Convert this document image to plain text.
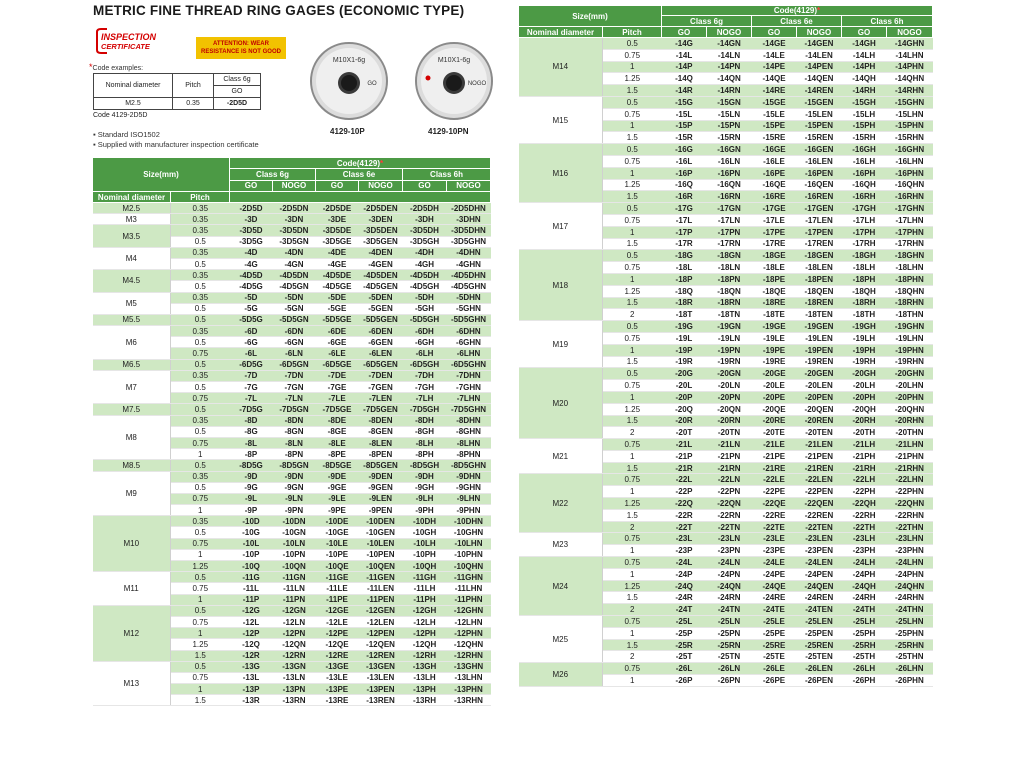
METRIC FINE THREAD RING GAGES (ECONOMIC TYPE)
INSPECTION
CERTIFICATE	ATTENTION: WEAR RESISTANCE IS NOT GOOD
*Code examples:
Nominal diameter	Pitch	Class 6g
		GO
M2.5	0.35	-2D5D
Code 4129-2D5D
▪ Standard ISO1502
▪ Supplied with manufacturer inspection certificate
M10X1-6g
GO
4129-10P
M10X1-6g
NOGO
4129-10PN
Size(mm)		Code(4129)*					
		Class 6g		Class 6e		Class 6h	
		GO	NOGO	GO	NOGO	GO	NOGO
Nominal diameter	Pitch						
M2.5	0.35	-2D5D	-2D5DN	-2D5DE	-2D5DEN	-2D5DH	-2D5DHN
M3	0.35	-3D	-3DN	-3DE	-3DEN	-3DH	-3DHN
M3.5	0.35	-3D5D	-3D5DN	-3D5DE	-3D5DEN	-3D5DH	-3D5DHN
	0.5	-3D5G	-3D5GN	-3D5GE	-3D5GEN	-3D5GH	-3D5GHN
M4	0.35	-4D	-4DN	-4DE	-4DEN	-4DH	-4DHN
	0.5	-4G	-4GN	-4GE	-4GEN	-4GH	-4GHN
M4.5	0.35	-4D5D	-4D5DN	-4D5DE	-4D5DEN	-4D5DH	-4D5DHN
	0.5	-4D5G	-4D5GN	-4D5GE	-4D5GEN	-4D5GH	-4D5GHN
M5	0.35	-5D	-5DN	-5DE	-5DEN	-5DH	-5DHN
	0.5	-5G	-5GN	-5GE	-5GEN	-5GH	-5GHN
M5.5	0.5	-5D5G	-5D5GN	-5D5GE	-5D5GEN	-5D5GH	-5D5GHN
M6	0.35	-6D	-6DN	-6DE	-6DEN	-6DH	-6DHN
	0.5	-6G	-6GN	-6GE	-6GEN	-6GH	-6GHN
	0.75	-6L	-6LN	-6LE	-6LEN	-6LH	-6LHN
M6.5	0.5	-6D5G	-6D5GN	-6D5GE	-6D5GEN	-6D5GH	-6D5GHN
M7	0.35	-7D	-7DN	-7DE	-7DEN	-7DH	-7DHN
	0.5	-7G	-7GN	-7GE	-7GEN	-7GH	-7GHN
	0.75	-7L	-7LN	-7LE	-7LEN	-7LH	-7LHN
M7.5	0.5	-7D5G	-7D5GN	-7D5GE	-7D5GEN	-7D5GH	-7D5GHN
M8	0.35	-8D	-8DN	-8DE	-8DEN	-8DH	-8DHN
	0.5	-8G	-8GN	-8GE	-8GEN	-8GH	-8GHN
	0.75	-8L	-8LN	-8LE	-8LEN	-8LH	-8LHN
	1	-8P	-8PN	-8PE	-8PEN	-8PH	-8PHN
M8.5	0.5	-8D5G	-8D5GN	-8D5GE	-8D5GEN	-8D5GH	-8D5GHN
M9	0.35	-9D	-9DN	-9DE	-9DEN	-9DH	-9DHN
	0.5	-9G	-9GN	-9GE	-9GEN	-9GH	-9GHN
	0.75	-9L	-9LN	-9LE	-9LEN	-9LH	-9LHN
	1	-9P	-9PN	-9PE	-9PEN	-9PH	-9PHN
M10	0.35	-10D	-10DN	-10DE	-10DEN	-10DH	-10DHN
	0.5	-10G	-10GN	-10GE	-10GEN	-10GH	-10GHN
	0.75	-10L	-10LN	-10LE	-10LEN	-10LH	-10LHN
	1	-10P	-10PN	-10PE	-10PEN	-10PH	-10PHN
	1.25	-10Q	-10QN	-10QE	-10QEN	-10QH	-10QHN
M11	0.5	-11G	-11GN	-11GE	-11GEN	-11GH	-11GHN
	0.75	-11L	-11LN	-11LE	-11LEN	-11LH	-11LHN
	1	-11P	-11PN	-11PE	-11PEN	-11PH	-11PHN
M12	0.5	-12G	-12GN	-12GE	-12GEN	-12GH	-12GHN
	0.75	-12L	-12LN	-12LE	-12LEN	-12LH	-12LHN
	1	-12P	-12PN	-12PE	-12PEN	-12PH	-12PHN
	1.25	-12Q	-12QN	-12QE	-12QEN	-12QH	-12QHN
	1.5	-12R	-12RN	-12RE	-12REN	-12RH	-12RHN
M13	0.5	-13G	-13GN	-13GE	-13GEN	-13GH	-13GHN
	0.75	-13L	-13LN	-13LE	-13LEN	-13LH	-13LHN
	1	-13P	-13PN	-13PE	-13PEN	-13PH	-13PHN
	1.5	-13R	-13RN	-13RE	-13REN	-13RH	-13RHN
Size(mm)		Code(4129)*					
		Class 6g		Class 6e		Class 6h	
Nominal diameter	Pitch	GO	NOGO	GO	NOGO	GO	NOGO
M14	0.5	-14G	-14GN	-14GE	-14GEN	-14GH	-14GHN
	0.75	-14L	-14LN	-14LE	-14LEN	-14LH	-14LHN
	1	-14P	-14PN	-14PE	-14PEN	-14PH	-14PHN
	1.25	-14Q	-14QN	-14QE	-14QEN	-14QH	-14QHN
	1.5	-14R	-14RN	-14RE	-14REN	-14RH	-14RHN
M15	0.5	-15G	-15GN	-15GE	-15GEN	-15GH	-15GHN
	0.75	-15L	-15LN	-15LE	-15LEN	-15LH	-15LHN
	1	-15P	-15PN	-15PE	-15PEN	-15PH	-15PHN
	1.5	-15R	-15RN	-15RE	-15REN	-15RH	-15RHN
M16	0.5	-16G	-16GN	-16GE	-16GEN	-16GH	-16GHN
	0.75	-16L	-16LN	-16LE	-16LEN	-16LH	-16LHN
	1	-16P	-16PN	-16PE	-16PEN	-16PH	-16PHN
	1.25	-16Q	-16QN	-16QE	-16QEN	-16QH	-16QHN
	1.5	-16R	-16RN	-16RE	-16REN	-16RH	-16RHN
M17	0.5	-17G	-17GN	-17GE	-17GEN	-17GH	-17GHN
	0.75	-17L	-17LN	-17LE	-17LEN	-17LH	-17LHN
	1	-17P	-17PN	-17PE	-17PEN	-17PH	-17PHN
	1.5	-17R	-17RN	-17RE	-17REN	-17RH	-17RHN
M18	0.5	-18G	-18GN	-18GE	-18GEN	-18GH	-18GHN
	0.75	-18L	-18LN	-18LE	-18LEN	-18LH	-18LHN
	1	-18P	-18PN	-18PE	-18PEN	-18PH	-18PHN
	1.25	-18Q	-18QN	-18QE	-18QEN	-18QH	-18QHN
	1.5	-18R	-18RN	-18RE	-18REN	-18RH	-18RHN
	2	-18T	-18TN	-18TE	-18TEN	-18TH	-18THN
M19	0.5	-19G	-19GN	-19GE	-19GEN	-19GH	-19GHN
	0.75	-19L	-19LN	-19LE	-19LEN	-19LH	-19LHN
	1	-19P	-19PN	-19PE	-19PEN	-19PH	-19PHN
	1.5	-19R	-19RN	-19RE	-19REN	-19RH	-19RHN
M20	0.5	-20G	-20GN	-20GE	-20GEN	-20GH	-20GHN
	0.75	-20L	-20LN	-20LE	-20LEN	-20LH	-20LHN
	1	-20P	-20PN	-20PE	-20PEN	-20PH	-20PHN
	1.25	-20Q	-20QN	-20QE	-20QEN	-20QH	-20QHN
	1.5	-20R	-20RN	-20RE	-20REN	-20RH	-20RHN
	2	-20T	-20TN	-20TE	-20TEN	-20TH	-20THN
M21	0.75	-21L	-21LN	-21LE	-21LEN	-21LH	-21LHN
	1	-21P	-21PN	-21PE	-21PEN	-21PH	-21PHN
	1.5	-21R	-21RN	-21RE	-21REN	-21RH	-21RHN
M22	0.75	-22L	-22LN	-22LE	-22LEN	-22LH	-22LHN
	1	-22P	-22PN	-22PE	-22PEN	-22PH	-22PHN
	1.25	-22Q	-22QN	-22QE	-22QEN	-22QH	-22QHN
	1.5	-22R	-22RN	-22RE	-22REN	-22RH	-22RHN
	2	-22T	-22TN	-22TE	-22TEN	-22TH	-22THN
M23	0.75	-23L	-23LN	-23LE	-23LEN	-23LH	-23LHN
	1	-23P	-23PN	-23PE	-23PEN	-23PH	-23PHN
M24	0.75	-24L	-24LN	-24LE	-24LEN	-24LH	-24LHN
	1	-24P	-24PN	-24PE	-24PEN	-24PH	-24PHN
	1.25	-24Q	-24QN	-24QE	-24QEN	-24QH	-24QHN
	1.5	-24R	-24RN	-24RE	-24REN	-24RH	-24RHN
	2	-24T	-24TN	-24TE	-24TEN	-24TH	-24THN
M25	0.75	-25L	-25LN	-25LE	-25LEN	-25LH	-25LHN
	1	-25P	-25PN	-25PE	-25PEN	-25PH	-25PHN
	1.5	-25R	-25RN	-25RE	-25REN	-25RH	-25RHN
	2	-25T	-25TN	-25TE	-25TEN	-25TH	-25THN
M26	0.75	-26L	-26LN	-26LE	-26LEN	-26LH	-26LHN
	1	-26P	-26PN	-26PE	-26PEN	-26PH	-26PHN
